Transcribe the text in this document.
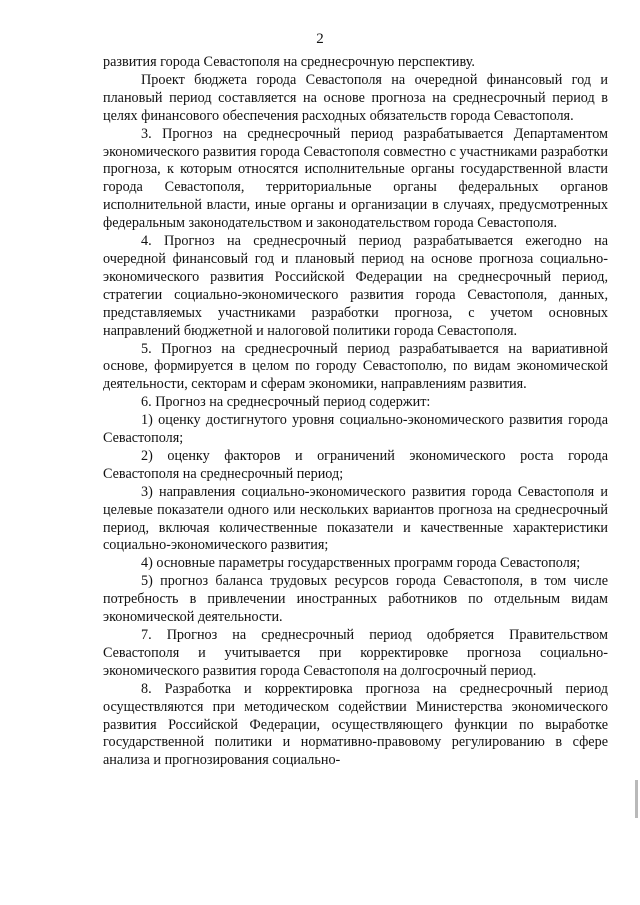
2

развития города Севастополя на среднесрочную перспективу.

Проект бюджета города Севастополя на очередной финансовый год и плановый период составляется на основе прогноза на среднесрочный период в целях финансового обеспечения расходных обязательств города Севастополя.

3. Прогноз на среднесрочный период разрабатывается Департаментом экономического развития города Севастополя совместно с участниками разработки прогноза, к которым относятся исполнительные органы государственной власти города Севастополя, территориальные органы федеральных органов исполнительной власти, иные органы и организации в случаях, предусмотренных федеральным законодательством и законодательством города Севастополя.

4. Прогноз на среднесрочный период разрабатывается ежегодно на очередной финансовый год и плановый период на основе прогноза социально-экономического развития Российской Федерации на среднесрочный период, стратегии социально-экономического развития города Севастополя, данных, представляемых участниками разработки прогноза, с учетом основных направлений бюджетной и налоговой политики города Севастополя.

5. Прогноз на среднесрочный период разрабатывается на вариативной основе, формируется в целом по городу Севастополю, по видам экономической деятельности, секторам и сферам экономики, направлениям развития.

6. Прогноз на среднесрочный период содержит:

1) оценку достигнутого уровня социально-экономического развития города Севастополя;

2) оценку факторов и ограничений экономического роста города Севастополя на среднесрочный период;

3) направления социально-экономического развития города Севастополя и целевые показатели одного или нескольких вариантов прогноза на среднесрочный период, включая количественные показатели и качественные характеристики социально-экономического развития;

4) основные параметры государственных программ города Севастополя;

5) прогноз баланса трудовых ресурсов города Севастополя, в том числе потребность в привлечении иностранных работников по отдельным видам экономической деятельности.

7. Прогноз на среднесрочный период одобряется Правительством Севастополя и учитывается при корректировке прогноза социально-экономического развития города Севастополя на долгосрочный период.

8. Разработка и корректировка прогноза на среднесрочный период осуществляются при методическом содействии Министерства экономического развития Российской Федерации, осуществляющего функции по выработке государственной политики и нормативно-правовому регулированию в сфере анализа и прогнозирования социально-
